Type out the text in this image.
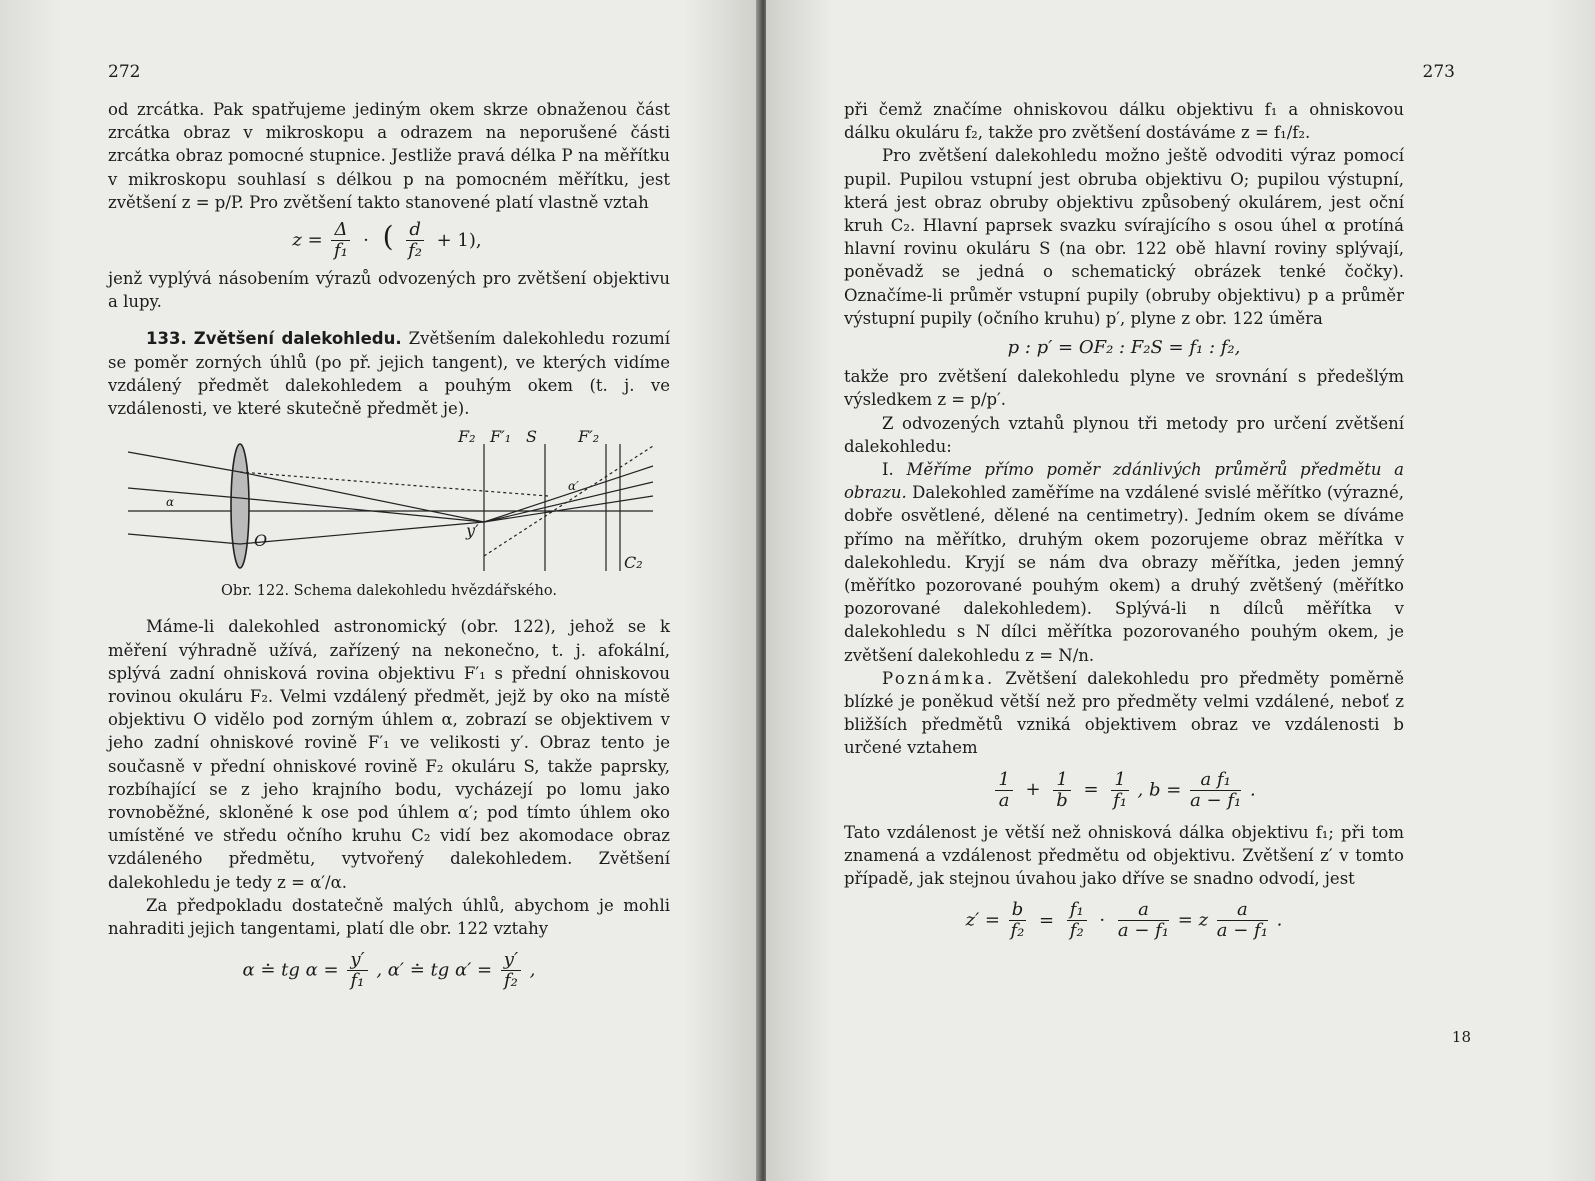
272

od zrcátka. Pak spatřujeme jediným okem skrze obnaženou část zrcátka obraz v mikroskopu a odrazem na neporušené části zrcátka obraz pomocné stupnice. Jestliže pravá délka P na měřítku v mikroskopu souhlasí s délkou p na pomocném měřítku, jest zvětšení z = p/P. Pro zvětšení takto stanovené platí vlastně vztah

$z = \frac{\Delta}{\text{f₁}}$ · ( $\frac{d}{\text{f₂}} + 1$),

jenž vyplývá násobením výrazů odvozených pro zvětšení objektivu a lupy.

133. Zvětšení dalekohledu. Zvětšením dalekohledu rozumí se poměr zorných úhlů (po př. jejich tangent), ve kterých vidíme vzdálený předmět dalekohledem a pouhým okem (t. j. ve vzdálenosti, ve které skutečně předmět je).

F₂ F′₁ S	F′₂
α
α′
O
y′
C₂
Obr. 122. Schema dalekohledu hvězdářského.

Máme-li dalekohled astronomický (obr. 122), jehož se k měření výhradně užívá, zařízený na nekonečno, t. j. afokální, splývá zadní ohnisková rovina objektivu F′₁ s přední ohniskovou rovinou okuláru F₂. Velmi vzdálený předmět, jejž by oko na místě objektivu O vidělo pod zorným úhlem α, zobrazí se objektivem v jeho zadní ohniskové rovině F′₁ ve velikosti y′. Obraz tento je současně v přední ohniskové rovině F₂ okuláru S, takže paprsky, rozbíhající se z jeho krajního bodu, vycházejí po lomu jako rovnoběžné, skloněné k ose pod úhlem α′; pod tímto úhlem oko umístěné ve středu očního kruhu C₂ vidí bez akomodace obraz vzdáleného předmětu, vytvořený dalekohledem. Zvětšení dalekohledu je tedy z = α′/α.

Za předpokladu dostatečně malých úhlů, abychom je mohli nahraditi jejich tangentami, platí dle obr. 122 vztahy

α ≐ tg $\alpha = \frac{y'}{\text{f₁}}$ , α′ ≐ tg $\alpha' = \frac{y'}{\text{f₂}}$ ,
273

při čemž značíme ohniskovou dálku objektivu f₁ a ohniskovou dálku okuláru f₂, takže pro zvětšení dostáváme z = f₁/f₂.

Pro zvětšení dalekohledu možno ještě odvoditi výraz pomocí pupil. Pupilou vstupní jest obruba objektivu O; pupilou výstupní, která jest obraz obruby objektivu způsobený okulárem, jest oční kruh C₂. Hlavní paprsek svazku svírajícího s osou úhel α protíná hlavní rovinu okuláru S (na obr. 122 obě hlavní roviny splývají, poněvadž se jedná o schematický obrázek tenké čočky). Označíme-li průměr vstupní pupily (obruby objektivu) p a průměr výstupní pupily (očního kruhu) p′, plyne z obr. 122 úměra

p : p′ = OF₂ : F₂S = f₁ : f₂,

takže pro zvětšení dalekohledu plyne ve srovnání s předešlým výsledkem z = p/p′.

Z odvozených vztahů plynou tři metody pro určení zvětšení dalekohledu:

I. Měříme přímo poměr zdánlivých průměrů předmětu a obrazu. Dalekohled zaměříme na vzdálené svislé měřítko (výrazné, dobře osvětlené, dělené na centimetry). Jedním okem se díváme přímo na měřítko, druhým okem pozorujeme obraz měřítka v dalekohledu. Kryjí se nám dva obrazy měřítka, jeden jemný (měřítko pozorované pouhým okem) a druhý zvětšený (měřítko pozorované dalekohledem). Splývá-li n dílců měřítka v dalekohledu s N dílci měřítka pozorovaného pouhým okem, je zvětšení dalekohledu z = N/n.

Poznámka. Zvětšení dalekohledu pro předměty poměrně blízké je poněkud větší než pro předměty velmi vzdálené, neboť z bližších předmětů vzniká objektivem obraz ve vzdálenosti b určené vztahem

$\frac{1}{a} + \frac{1}{b} = \frac{1}{\text{f₁}}$ , $b = \frac{\text{a f₁}}{\text{a − f₁}}$ .

Tato vzdálenost je větší než ohnisková dálka objektivu f₁; při tom znamená a vzdálenost předmětu od objektivu. Zvětšení z′ v tomto případě, jak stejnou úvahou jako dříve se snadno odvodí, jest

$z' = \frac{b}{\text{f₂}} = \frac{\text{f₁}}{\text{f₂}} \cdot \frac{a}{\text{a − f₁}} = z \frac{a}{\text{a − f₁}}$ .
18
